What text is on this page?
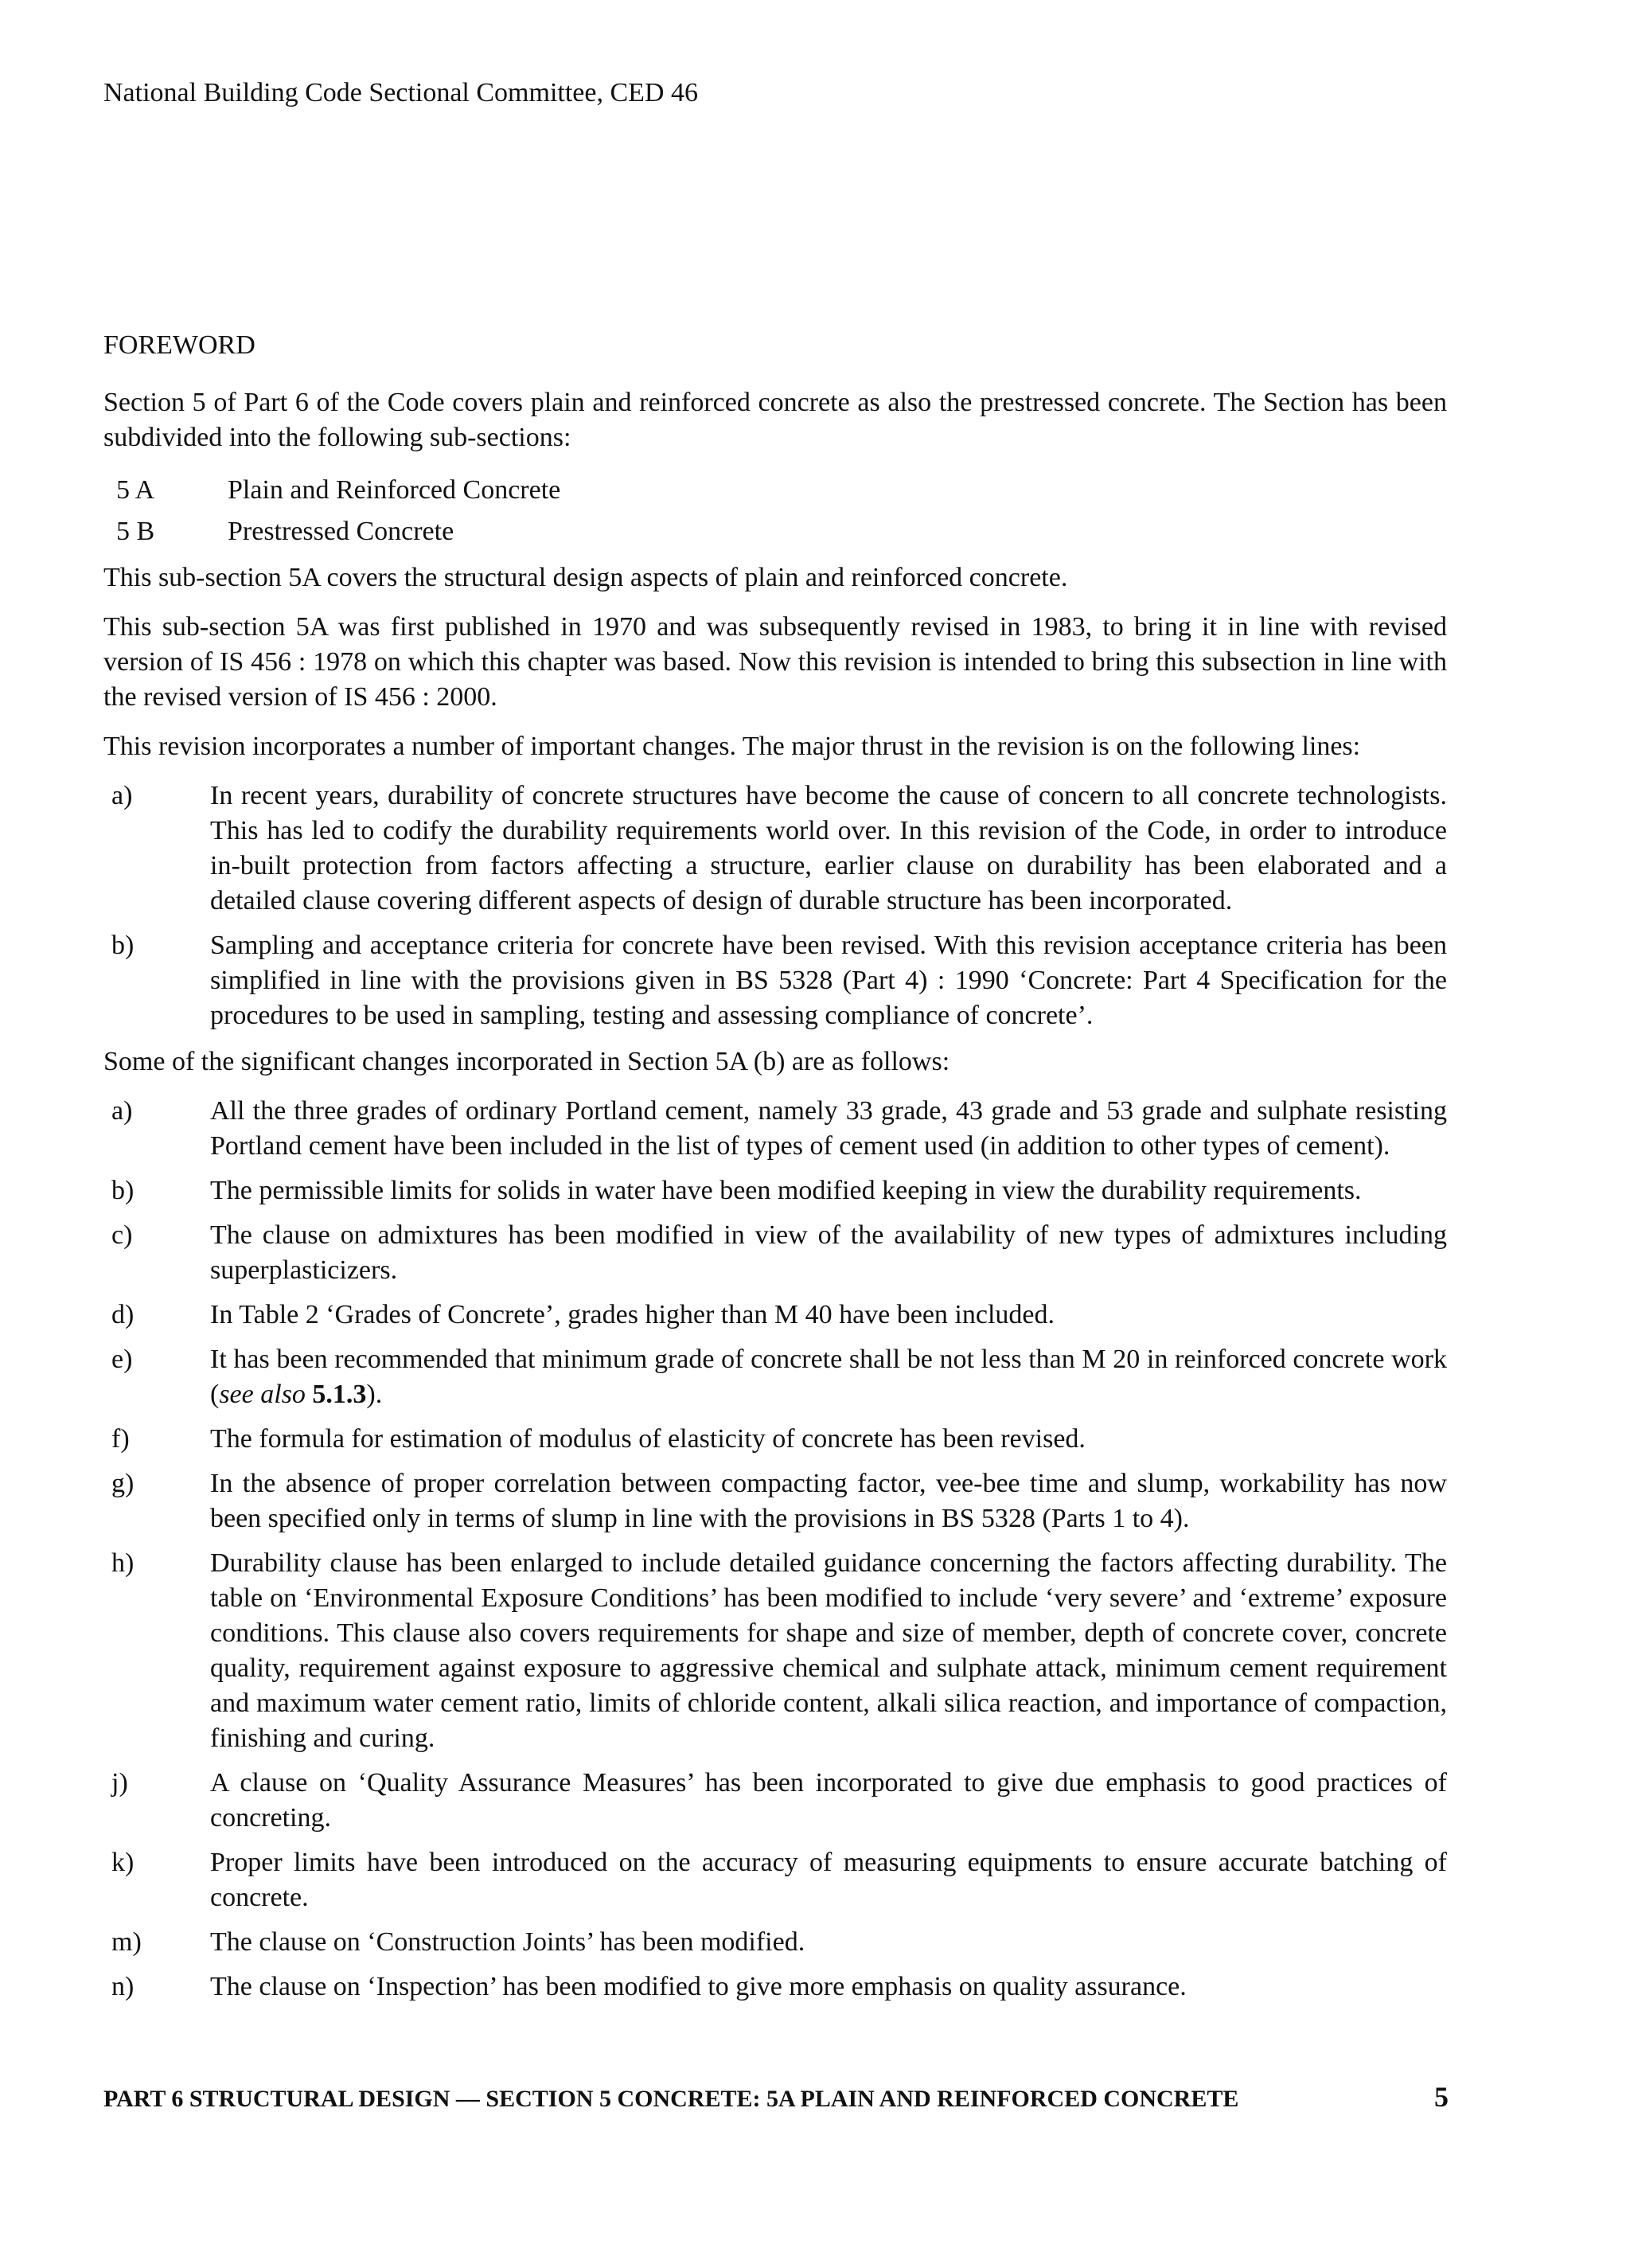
National Building Code Sectional Committee, CED 46
FOREWORD

Section 5 of Part 6 of the Code covers plain and reinforced concrete as also the prestressed concrete. The Section has been subdivided into the following sub-sections:

5 A	Plain and Reinforced Concrete
5 B	Prestressed Concrete

This sub-section 5A covers the structural design aspects of plain and reinforced concrete.

This sub-section 5A was first published in 1970 and was subsequently revised in 1983, to bring it in line with revised version of IS 456 : 1978 on which this chapter was based. Now this revision is intended to bring this subsection in line with the revised version of IS 456 : 2000.

This revision incorporates a number of important changes. The major thrust in the revision is on the following lines:

a)	In recent years, durability of concrete structures have become the cause of concern to all concrete technologists. This has led to codify the durability requirements world over. In this revision of the Code, in order to introduce in-built protection from factors affecting a structure, earlier clause on durability has been elaborated and a detailed clause covering different aspects of design of durable structure has been incorporated.
b)	Sampling and acceptance criteria for concrete have been revised. With this revision acceptance criteria has been simplified in line with the provisions given in BS 5328 (Part 4) : 1990 ‘Concrete: Part 4 Specification for the procedures to be used in sampling, testing and assessing compliance of concrete’.

Some of the significant changes incorporated in Section 5A (b) are as follows:

a)	All the three grades of ordinary Portland cement, namely 33 grade, 43 grade and 53 grade and sulphate resisting Portland cement have been included in the list of types of cement used (in addition to other types of cement).
b)	The permissible limits for solids in water have been modified keeping in view the durability requirements.
c)	The clause on admixtures has been modified in view of the availability of new types of admixtures including superplasticizers.
d)	In Table 2 ‘Grades of Concrete’, grades higher than M 40 have been included.
e)	It has been recommended that minimum grade of concrete shall be not less than M 20 in reinforced concrete work (see also 5.1.3).
f)	The formula for estimation of modulus of elasticity of concrete has been revised.
g)	In the absence of proper correlation between compacting factor, vee-bee time and slump, workability has now been specified only in terms of slump in line with the provisions in BS 5328 (Parts 1 to 4).
h)	Durability clause has been enlarged to include detailed guidance concerning the factors affecting durability. The table on ‘Environmental Exposure Conditions’ has been modified to include ‘very severe’ and ‘extreme’ exposure conditions. This clause also covers requirements for shape and size of member, depth of concrete cover, concrete quality, requirement against exposure to aggressive chemical and sulphate attack, minimum cement requirement and maximum water cement ratio, limits of chloride content, alkali silica reaction, and importance of compaction, finishing and curing.
j)	A clause on ‘Quality Assurance Measures’ has been incorporated to give due emphasis to good practices of concreting.
k)	Proper limits have been introduced on the accuracy of measuring equipments to ensure accurate batching of concrete.
m)	The clause on ‘Construction Joints’ has been modified.
n)	The clause on ‘Inspection’ has been modified to give more emphasis on quality assurance.
PART 6 STRUCTURAL DESIGN — SECTION 5 CONCRETE: 5A PLAIN AND REINFORCED CONCRETE	5
